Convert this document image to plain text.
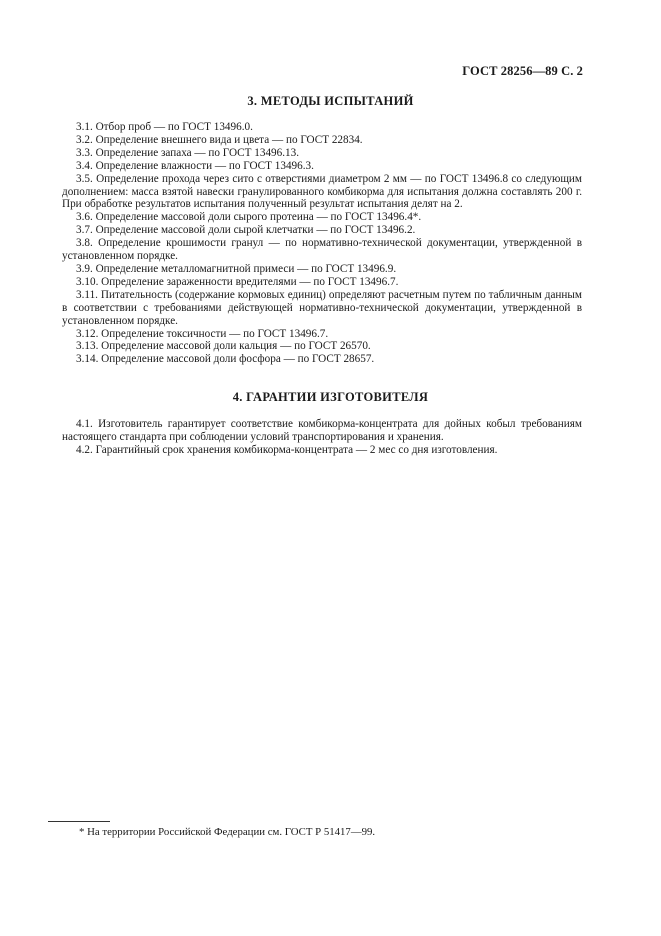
ГОСТ 28256—89 С. 2
3. МЕТОДЫ ИСПЫТАНИЙ

3.1. Отбор проб — по ГОСТ 13496.0.

3.2. Определение внешнего вида и цвета — по ГОСТ 22834.

3.3. Определение запаха — по ГОСТ 13496.13.

3.4. Определение влажности — по ГОСТ 13496.3.

3.5. Определение прохода через сито с отверстиями диаметром 2 мм — по ГОСТ 13496.8 со следующим дополнением: масса взятой навески гранулированного комбикорма для испытания должна составлять 200 г. При обработке результатов испытания полученный результат испытания делят на 2.

3.6. Определение массовой доли сырого протеина — по ГОСТ 13496.4*.

3.7. Определение массовой доли сырой клетчатки — по ГОСТ 13496.2.

3.8. Определение крошимости гранул — по нормативно-технической документации, утвержденной в установленном порядке.

3.9. Определение металломагнитной примеси — по ГОСТ 13496.9.

3.10. Определение зараженности вредителями — по ГОСТ 13496.7.

3.11. Питательность (содержание кормовых единиц) определяют расчетным путем по табличным данным в соответствии с требованиями действующей нормативно-технической документации, утвержденной в установленном порядке.

3.12. Определение токсичности — по ГОСТ 13496.7.

3.13. Определение массовой доли кальция — по ГОСТ 26570.

3.14. Определение массовой доли фосфора — по ГОСТ 28657.

4. ГАРАНТИИ ИЗГОТОВИТЕЛЯ

4.1. Изготовитель гарантирует соответствие комбикорма-концентрата для дойных кобыл требованиям настоящего стандарта при соблюдении условий транспортирования и хранения.

4.2. Гарантийный срок хранения комбикорма-концентрата — 2 мес со дня изготовления.

* На территории Российской Федерации см. ГОСТ Р 51417—99.
